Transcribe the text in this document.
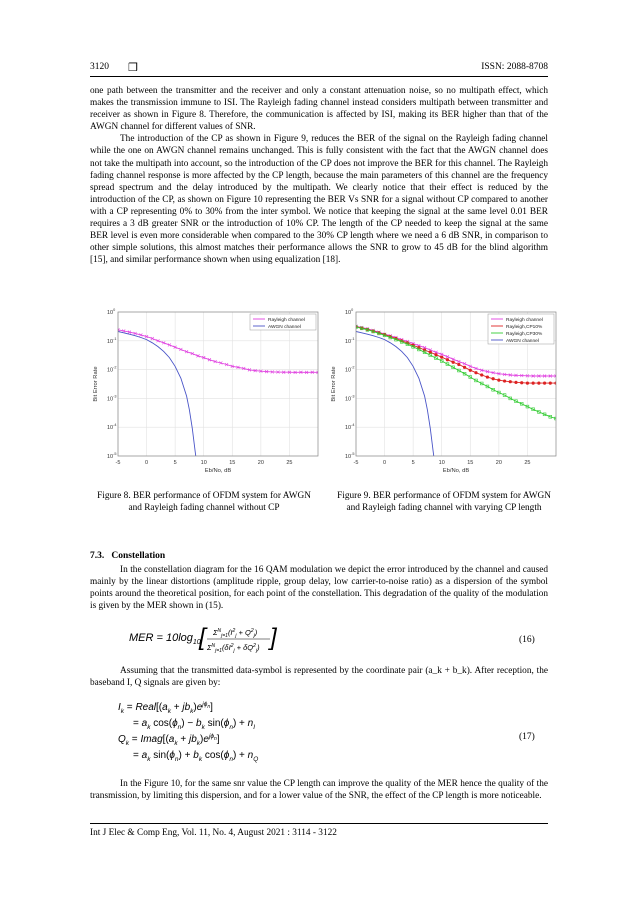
3120 ❒	ISSN: 2088-8708

one path between the transmitter and the receiver and only a constant attenuation noise, so no multipath effect, which makes the transmission immune to ISI. The Rayleigh fading channel instead considers multipath between transmitter and receiver as shown in Figure 8. Therefore, the communication is affected by ISI, making its BER higher than that of the AWGN channel for different values of SNR.

The introduction of the CP as shown in Figure 9, reduces the BER of the signal on the Rayleigh fading channel while the one on AWGN channel remains unchanged. This is fully consistent with the fact that the AWGN channel does not take the multipath into account, so the introduction of the CP does not improve the BER for this channel. The Rayleigh fading channel response is more affected by the CP length, because the main parameters of this channel are the frequency spread spectrum and the delay introduced by the multipath. We clearly notice that their effect is reduced by the introduction of the CP, as shown on Figure 10 representing the BER Vs SNR for a signal without CP compared to another with a CP representing 0% to 30% from the inter symbol. We notice that keeping the signal at the same level 0.01 BER requires a 3 dB greater SNR or the introduction of 10% CP. The length of the CP needed to keep the signal at the same BER level is even more considerable when compared to the 30% CP length where we need a 6 dB SNR, in comparison to other simple solutions, this almost matches their performance allows the SNR to grow to 45 dB for the blind algorithm [15], and similar performance shown when using equalization [18].

-5	0	5	10	15	20	25
$10^0$
$10^{-1}$
$10^{-2}$
$10^{-3}$
$10^{-4}$
$10^{-5}$
Eb/No, dB
Bit Error Rate
Rayleigh channel
AWGN channel
-5	0	5	10	15	20	25
$10^0$
$10^{-1}$
$10^{-2}$
$10^{-3}$
$10^{-4}$
$10^{-5}$
Eb/No, dB
Bit Error Rate
Rayleigh channel
Rayleigh,CP10%
Rayleigh,CP30%
AWGN channel
Figure 8. BER performance of OFDM system for AWGN and Rayleigh fading channel without CP
Figure 9. BER performance of OFDM system for AWGN and Rayleigh fading channel with varying CP length
7.3. Constellation

In the constellation diagram for the 16 QAM modulation we depict the error introduced by the channel and caused mainly by the linear distortions (amplitude ripple, group delay, low carrier-to-noise ratio) as a dispersion of the symbol points around the theoretical position, for each point of the constellation. This degradation of the quality of the modulation is given by the MER shown in (15).

MER = $10\log_{10}$
[ $\Sigma^N_{j=1}(I^2_j + Q^2_j)$
$\Sigma^N_{j=1}(\delta I^2_j + \delta Q^2_j)$ ]	(16)

Assuming that the transmitted data-symbol is represented by the coordinate pair (a_k + b_k). After reception, the baseband I, Q signals are given by:

$I_k$ = $Real[(a_k + jb_k)e^{j\phi}_n]$
= $a_k$ $\cos(\phi_n) - b_k$ $\sin(\phi_n) + n_I$
$Q_k$ = $Imag[(a_k + jb_k)e^{j\phi}_n]$
= $a_k$ $\sin(\phi_n) + b_k$ $\cos(\phi_n) + n_Q$
(17)

In the Figure 10, for the same snr value the CP length can improve the quality of the MER hence the quality of the transmission, by limiting this dispersion, and for a lower value of the SNR, the effect of the CP length is more noticeable.

Int J Elec & Comp Eng, Vol. 11, No. 4, August 2021 : 3114 - 3122
